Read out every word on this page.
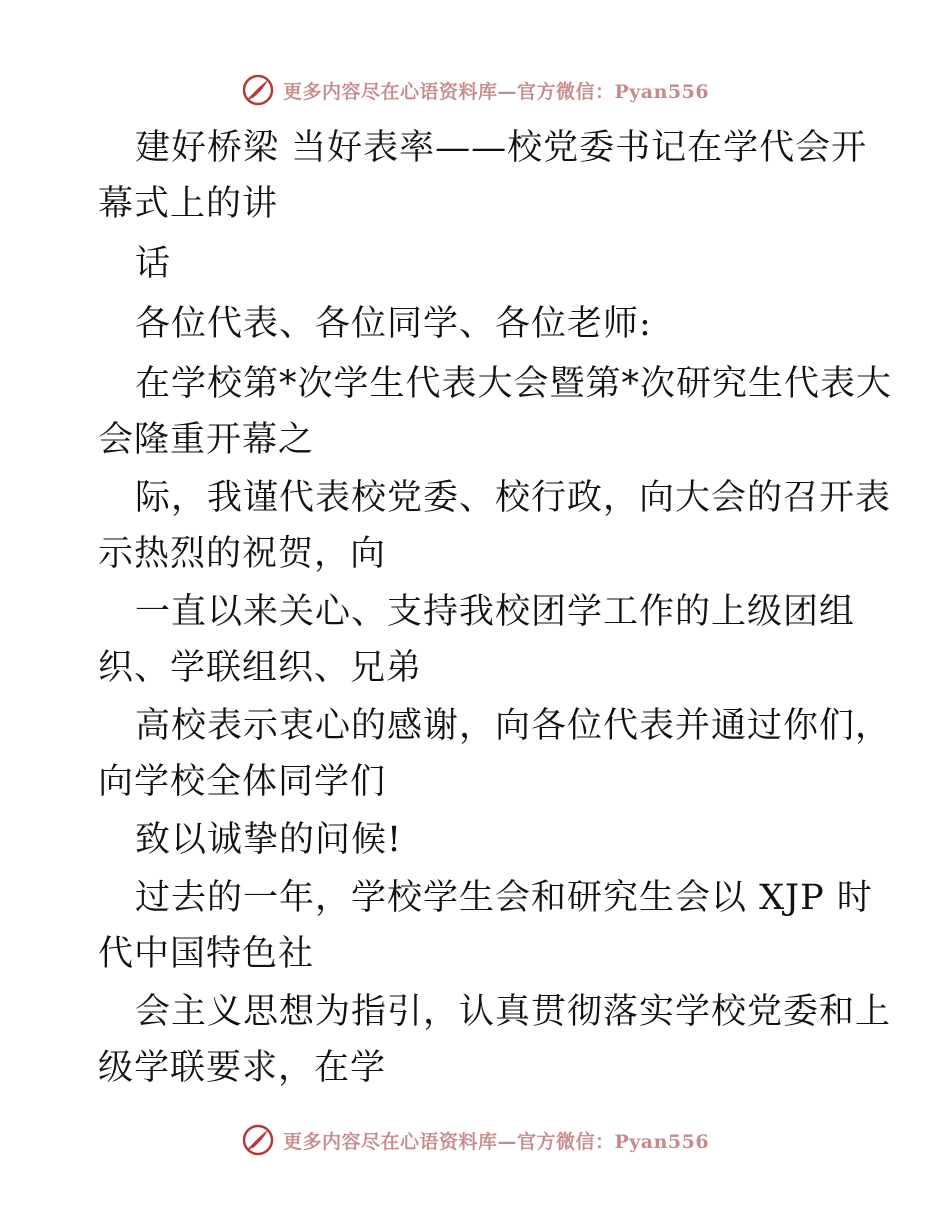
更多内容尽在心语资料库—官方微信：Pyan556
建好桥梁 当好表率——校党委书记在学代会开
幕式上的讲
话
各位代表、各位同学、各位老师:
在学校第*次学生代表大会暨第*次研究生代表大
会隆重开幕之
际，我谨代表校党委、校行政，向大会的召开表
示热烈的祝贺，向
一直以来关心、支持我校团学工作的上级团组
织、学联组织、兄弟
高校表示衷心的感谢，向各位代表并通过你们，
向学校全体同学们
致以诚挚的问候!
过去的一年，学校学生会和研究生会以 XJP 时
代中国特色社
会主义思想为指引，认真贯彻落实学校党委和上
级学联要求，在学
更多内容尽在心语资料库—官方微信：Pyan556
